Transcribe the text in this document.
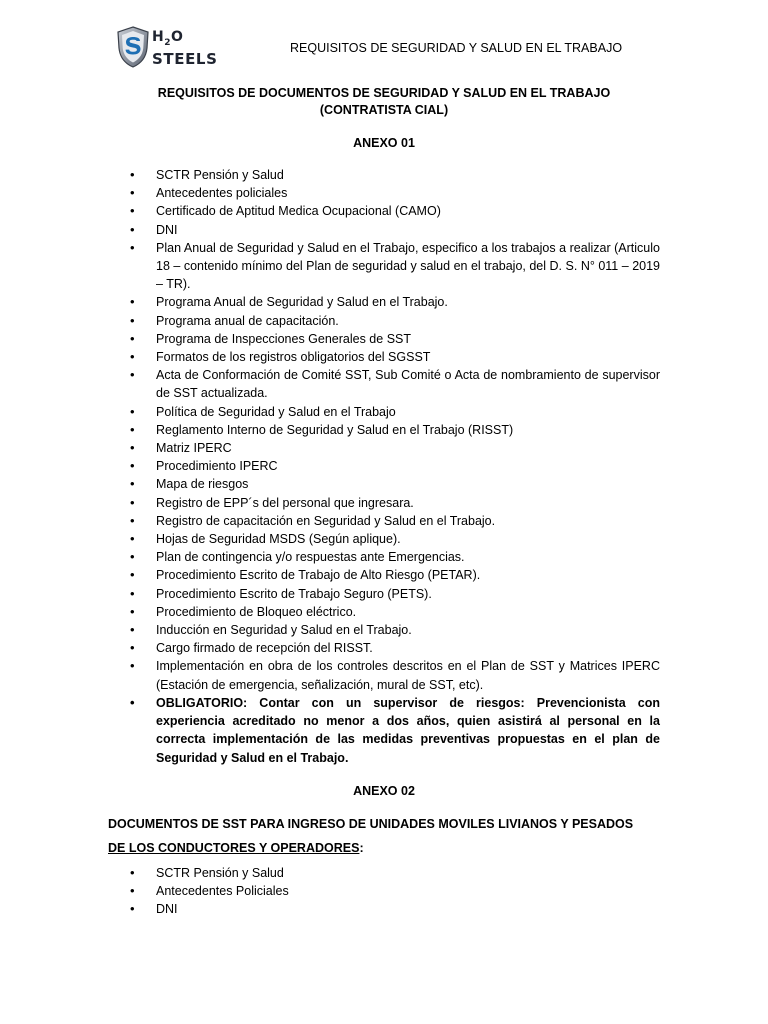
$H_2O$
STEELS
REQUISITOS DE SEGURIDAD Y SALUD EN EL TRABAJO
REQUISITOS DE DOCUMENTOS DE SEGURIDAD Y SALUD EN EL TRABAJO
(CONTRATISTA CIAL)
ANEXO 01
• SCTR Pensión y Salud
• Antecedentes policiales
• Certificado de Aptitud Medica Ocupacional (CAMO)
• DNI
• Plan Anual de Seguridad y Salud en el Trabajo, especifico a los trabajos a realizar (Articulo 18 – contenido mínimo del Plan de seguridad y salud en el trabajo, del D. S. N° 011 – 2019 – TR).
• Programa Anual de Seguridad y Salud en el Trabajo.
• Programa anual de capacitación.
• Programa de Inspecciones Generales de SST
• Formatos de los registros obligatorios del SGSST
• Acta de Conformación de Comité SST, Sub Comité o Acta de nombramiento de supervisor de SST actualizada.
• Política de Seguridad y Salud en el Trabajo
• Reglamento Interno de Seguridad y Salud en el Trabajo (RISST)
• Matriz IPERC
• Procedimiento IPERC
• Mapa de riesgos
• Registro de EPP´s del personal que ingresara.
• Registro de capacitación en Seguridad y Salud en el Trabajo.
• Hojas de Seguridad MSDS (Según aplique).
• Plan de contingencia y/o respuestas ante Emergencias.
• Procedimiento Escrito de Trabajo de Alto Riesgo (PETAR).
• Procedimiento Escrito de Trabajo Seguro (PETS).
• Procedimiento de Bloqueo eléctrico.
• Inducción en Seguridad y Salud en el Trabajo.
• Cargo firmado de recepción del RISST.
• Implementación en obra de los controles descritos en el Plan de SST y Matrices IPERC (Estación de emergencia, señalización, mural de SST, etc).
• OBLIGATORIO: Contar con un supervisor de riesgos: Prevencionista con experiencia acreditado no menor a dos años, quien asistirá al personal en la correcta implementación de las medidas preventivas propuestas en el plan de Seguridad y Salud en el Trabajo.
ANEXO 02
DOCUMENTOS DE SST PARA INGRESO DE UNIDADES MOVILES LIVIANOS Y PESADOS
DE LOS CONDUCTORES Y OPERADORES:
• SCTR Pensión y Salud
• Antecedentes Policiales
• DNI
